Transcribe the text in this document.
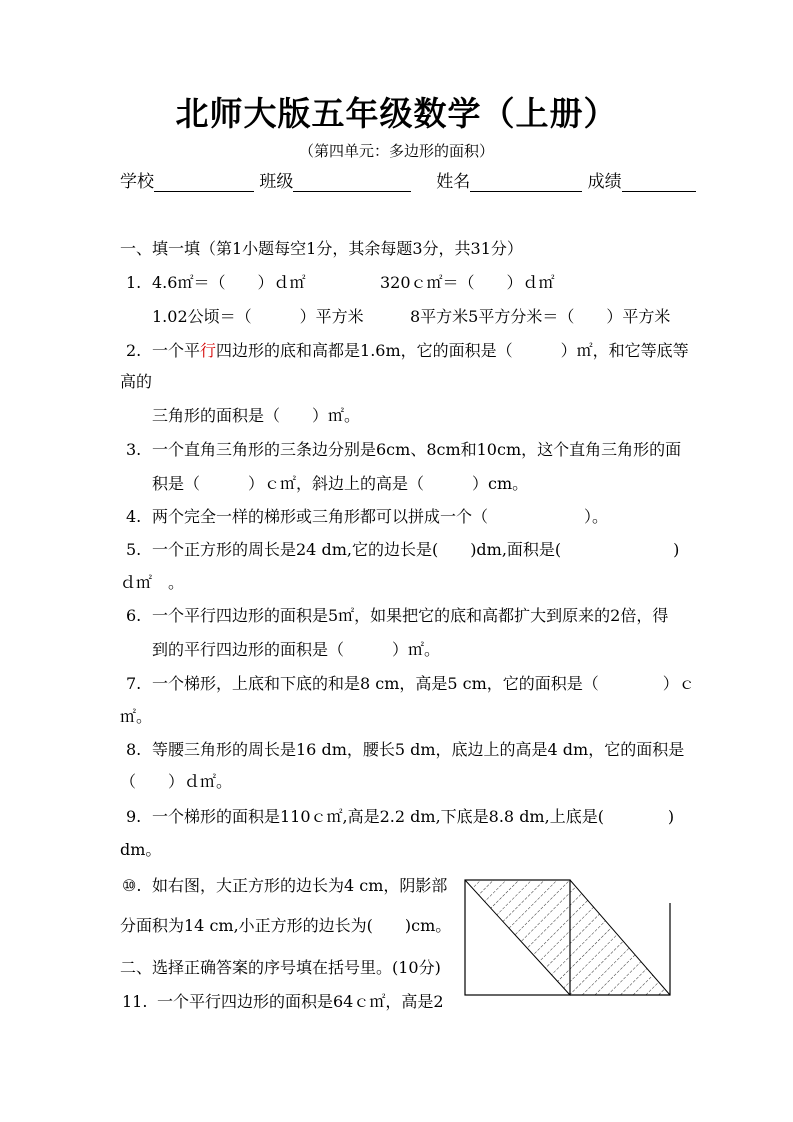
北师大版五年级数学（上册）
（第四单元：多边形的面积）
学校	班级	姓名	成绩
一、填一填（第1小题每空1分，其余每题3分，共31分）
1. 4.6㎡＝（　　）ｄ㎡	320ｃ㎡＝（　　）ｄ㎡
1.02公顷＝（　　　）平方米	8平方米5平方分米＝（　　）平方米
2. 一个平行四边形的底和高都是1.6m，它的面积是（　　　）㎡，和它等底等
高的
三角形的面积是（　　）㎡。
3. 一个直角三角形的三条边分别是6cm、8cm和10cm，这个直角三角形的面
积是（　　　）ｃ㎡，斜边上的高是（　　　）cm。
4. 两个完全一样的梯形或三角形都可以拼成一个（　　　　　　）。
5. 一个正方形的周长是24 dm,它的边长是(　　)dm,面积是(　　　　　　　)
ｄ㎡　。
6. 一个平行四边形的面积是5㎡，如果把它的底和高都扩大到原来的2倍，得
到的平行四边形的面积是（　　　）㎡。
7. 一个梯形，上底和下底的和是8 cm，高是5 cm，它的面积是（　　　　）ｃ
㎡。
8. 等腰三角形的周长是16 dm，腰长5 dm，底边上的高是4 dm，它的面积是
（　　）ｄ㎡。
9. 一个梯形的面积是110ｃ㎡,高是2.2 dm,下底是8.8 dm,上底是(　　　　)
dm。
⑩. 如右图，大正方形的边长为4 cm，阴影部
分面积为14 cm,小正方形的边长为(　　)cm。
二、选择正确答案的序号填在括号里。(10分)
11. 一个平行四边形的面积是64ｃ㎡，高是2
